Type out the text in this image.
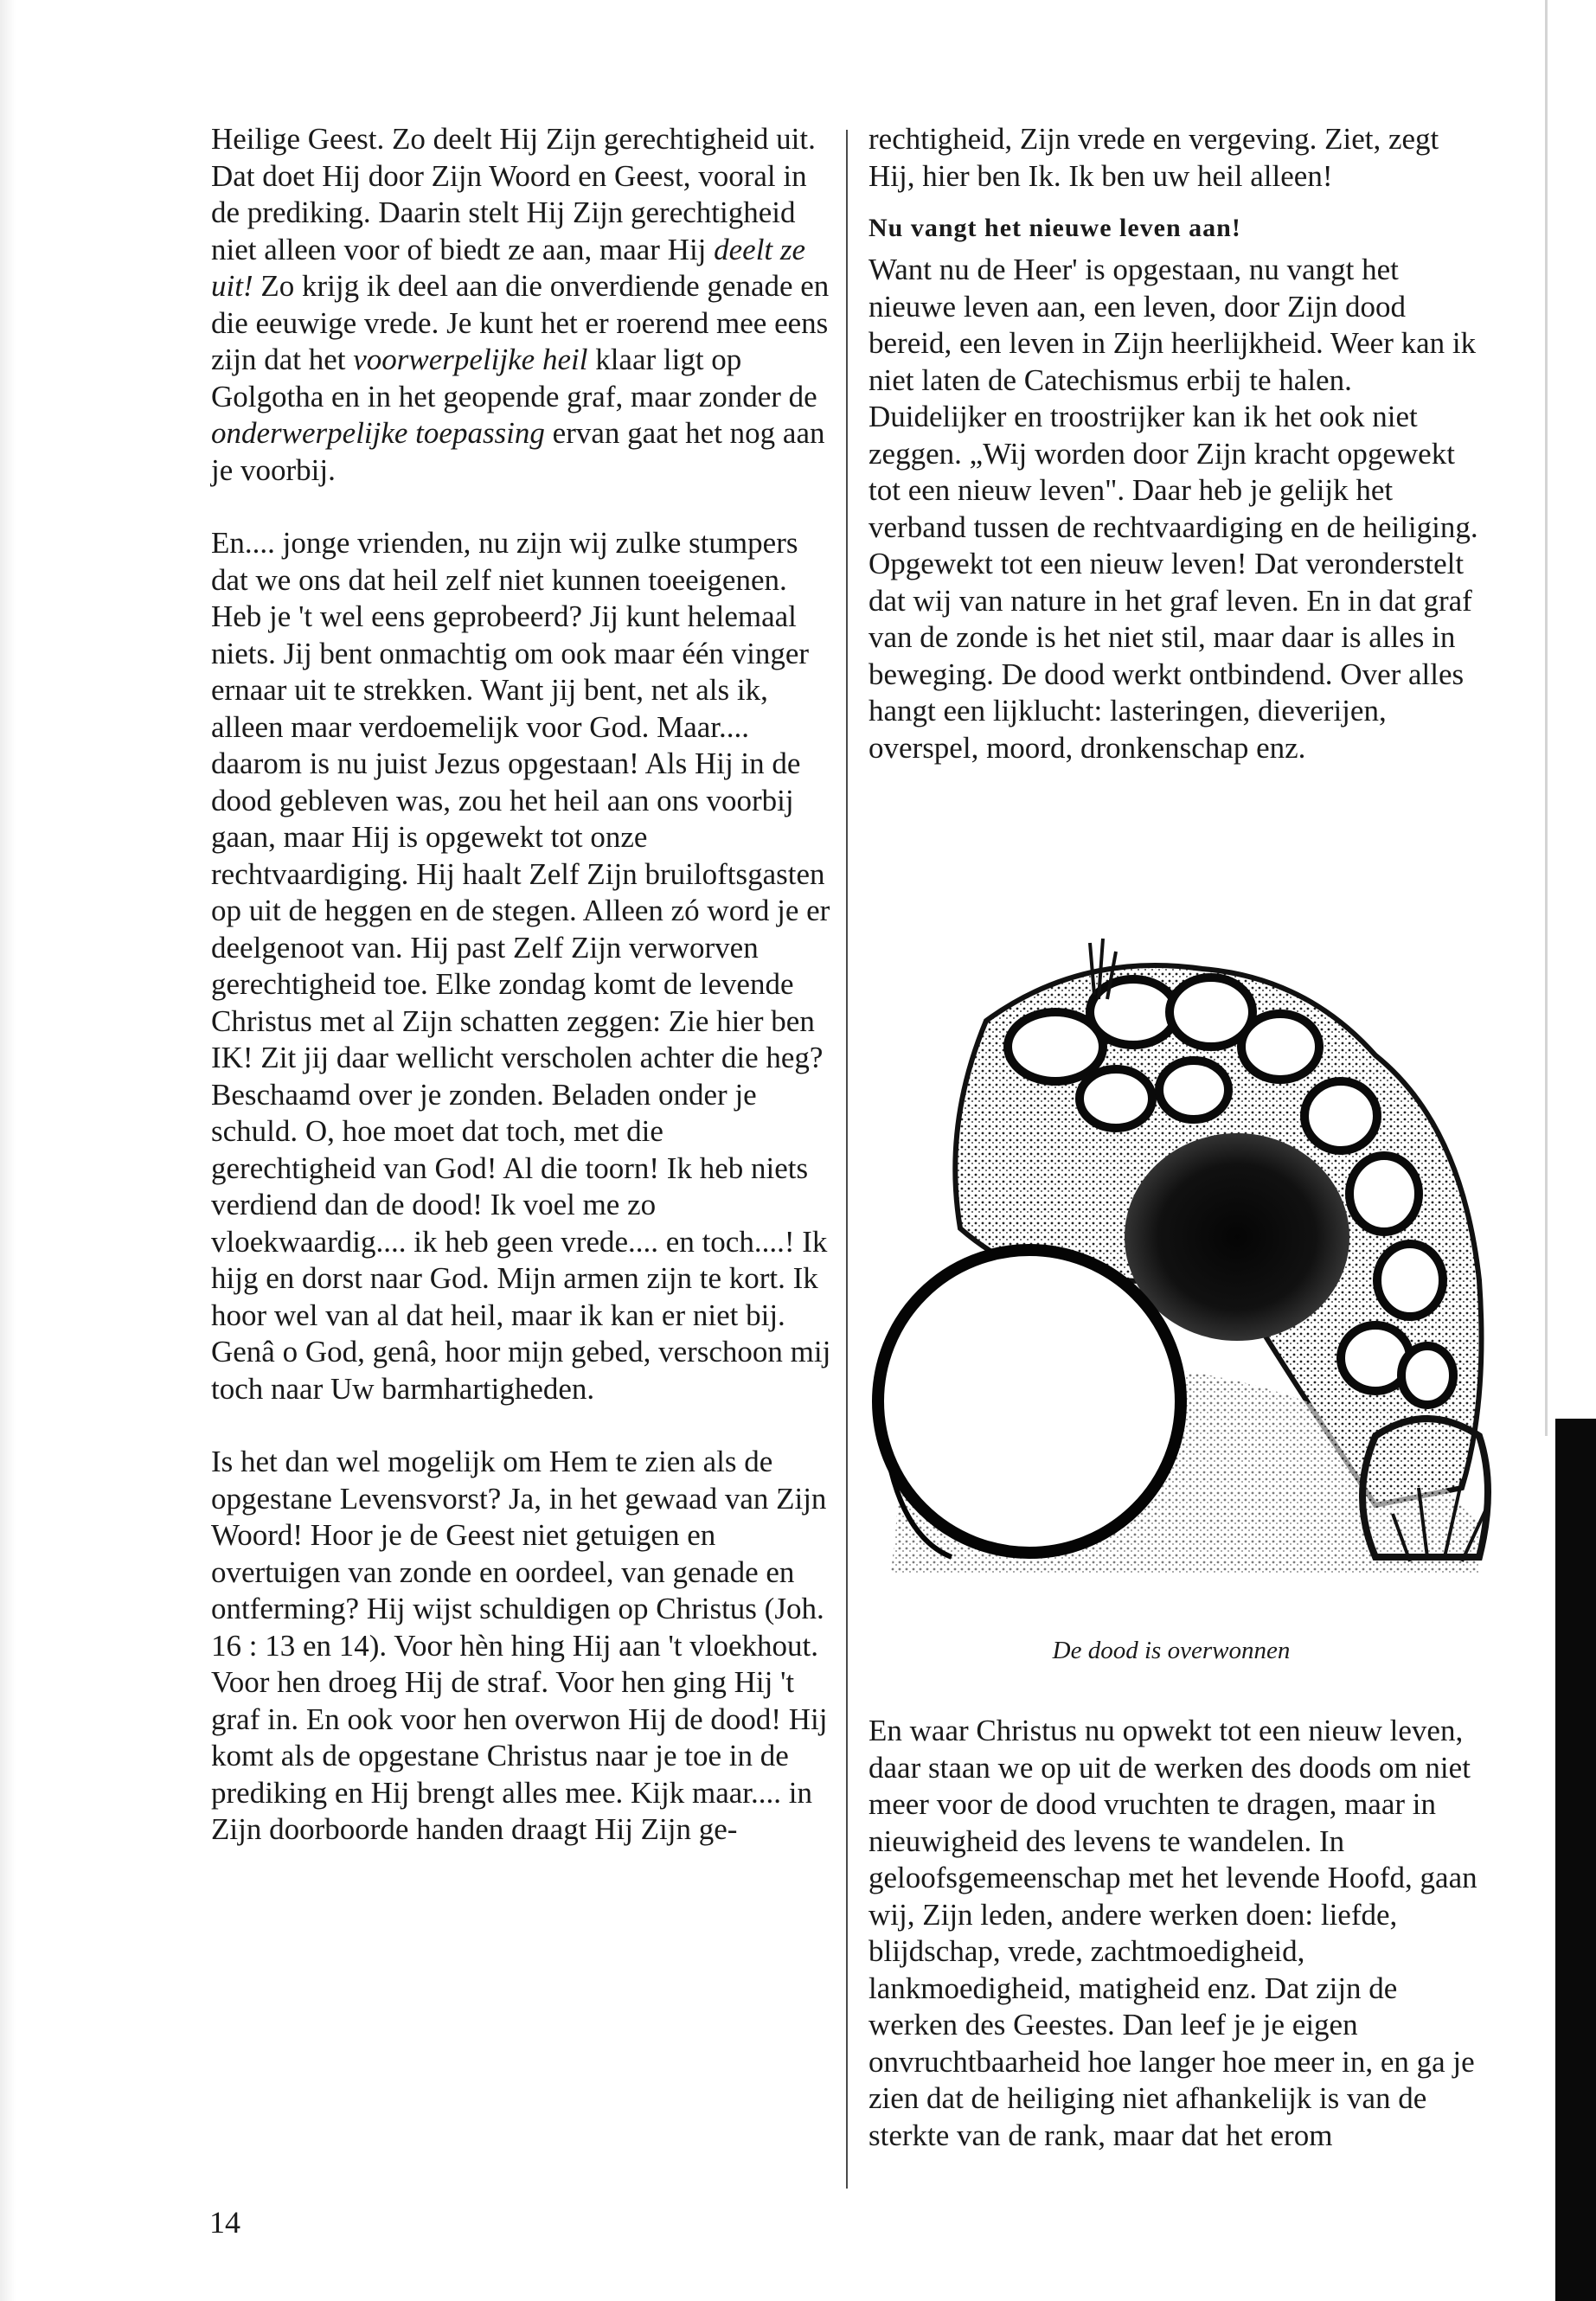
Heilige Geest. Zo deelt Hij Zijn gerechtigheid uit. Dat doet Hij door Zijn Woord en Geest, vooral in de prediking. Daarin stelt Hij Zijn gerechtigheid niet alleen voor of biedt ze aan, maar Hij deelt ze uit! Zo krijg ik deel aan die onverdiende genade en die eeuwige vrede. Je kunt het er roerend mee eens zijn dat het voorwerpelijke heil klaar ligt op Golgotha en in het geopende graf, maar zonder de onderwerpelijke toepassing ervan gaat het nog aan je voorbij.

En.... jonge vrienden, nu zijn wij zulke stumpers dat we ons dat heil zelf niet kunnen toeeigenen. Heb je 't wel eens geprobeerd? Jij kunt helemaal niets. Jij bent onmachtig om ook maar één vinger ernaar uit te strekken. Want jij bent, net als ik, alleen maar verdoemelijk voor God. Maar.... daarom is nu juist Jezus opgestaan! Als Hij in de dood gebleven was, zou het heil aan ons voorbij gaan, maar Hij is opgewekt tot onze rechtvaardiging. Hij haalt Zelf Zijn bruiloftsgasten op uit de heggen en de stegen. Alleen zó word je er deelgenoot van. Hij past Zelf Zijn verworven gerechtigheid toe. Elke zondag komt de levende Christus met al Zijn schatten zeggen: Zie hier ben IK! Zit jij daar wellicht verscholen achter die heg? Beschaamd over je zonden. Beladen onder je schuld. O, hoe moet dat toch, met die gerechtigheid van God! Al die toorn! Ik heb niets verdiend dan de dood! Ik voel me zo vloekwaardig.... ik heb geen vrede.... en toch....! Ik hijg en dorst naar God. Mijn armen zijn te kort. Ik hoor wel van al dat heil, maar ik kan er niet bij. Genâ o God, genâ, hoor mijn gebed, verschoon mij toch naar Uw barmhartigheden.

Is het dan wel mogelijk om Hem te zien als de opgestane Levensvorst? Ja, in het gewaad van Zijn Woord! Hoor je de Geest niet getuigen en overtuigen van zonde en oordeel, van genade en ontferming? Hij wijst schuldigen op Christus (Joh. 16 : 13 en 14). Voor hèn hing Hij aan 't vloekhout. Voor hen droeg Hij de straf. Voor hen ging Hij 't graf in. En ook voor hen overwon Hij de dood! Hij komt als de opgestane Christus naar je toe in de prediking en Hij brengt alles mee. Kijk maar.... in Zijn doorboorde handen draagt Hij Zijn ge-

rechtigheid, Zijn vrede en vergeving. Ziet, zegt Hij, hier ben Ik. Ik ben uw heil alleen!

Nu vangt het nieuwe leven aan!

Want nu de Heer' is opgestaan, nu vangt het nieuwe leven aan, een leven, door Zijn dood bereid, een leven in Zijn heerlijkheid. Weer kan ik niet laten de Catechismus erbij te halen. Duidelijker en troostrijker kan ik het ook niet zeggen. „Wij worden door Zijn kracht opgewekt tot een nieuw leven". Daar heb je gelijk het verband tussen de rechtvaardiging en de heiliging. Opgewekt tot een nieuw leven! Dat veronderstelt dat wij van nature in het graf leven. En in dat graf van de zonde is het niet stil, maar daar is alles in beweging. De dood werkt ontbindend. Over alles hangt een lijklucht: lasteringen, dieverijen, overspel, moord, dronkenschap enz.

De dood is overwonnen

En waar Christus nu opwekt tot een nieuw leven, daar staan we op uit de werken des doods om niet meer voor de dood vruchten te dragen, maar in nieuwigheid des levens te wandelen. In geloofsgemeenschap met het levende Hoofd, gaan wij, Zijn leden, andere werken doen: liefde, blijdschap, vrede, zachtmoedigheid, lankmoedigheid, matigheid enz. Dat zijn de werken des Geestes. Dan leef je je eigen onvruchtbaarheid hoe langer hoe meer in, en ga je zien dat de heiliging niet afhankelijk is van de sterkte van de rank, maar dat het erom

14
